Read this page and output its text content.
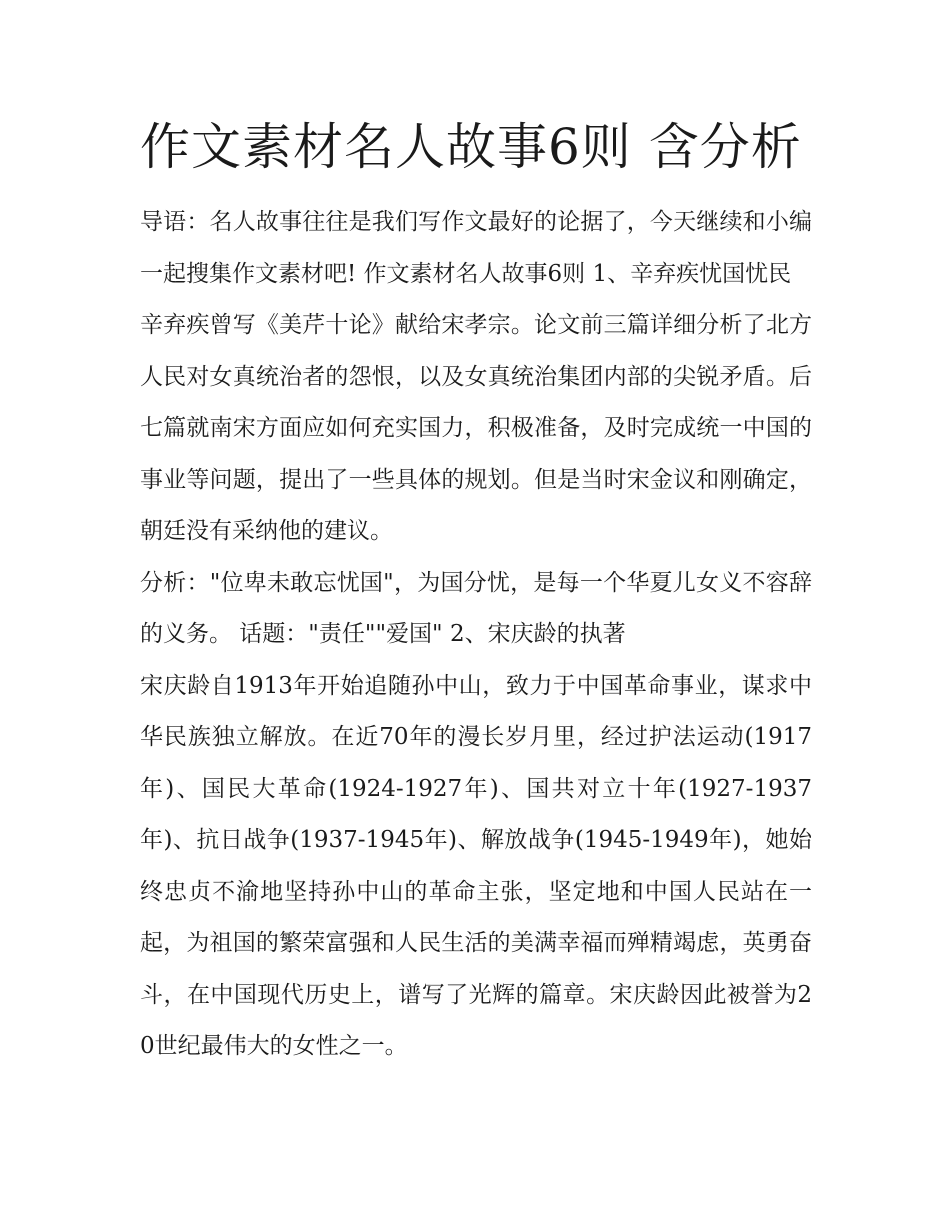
作文素材名人故事6则 含分析

导语：名人故事往往是我们写作文最好的论据了，今天继续和小编一起搜集作文素材吧! 作文素材名人故事6则 1、辛弃疾忧国忧民

辛弃疾曾写《美芹十论》献给宋孝宗。论文前三篇详细分析了北方人民对女真统治者的怨恨，以及女真统治集团内部的尖锐矛盾。后七篇就南宋方面应如何充实国力，积极准备，及时完成统一中国的事业等问题，提出了一些具体的规划。但是当时宋金议和刚确定，朝廷没有采纳他的建议。

分析："位卑未敢忘忧国"，为国分忧，是每一个华夏儿女义不容辞的义务。 话题："责任""爱国" 2、宋庆龄的执著

宋庆龄自1913年开始追随孙中山，致力于中国革命事业，谋求中华民族独立解放。在近70年的漫长岁月里，经过护法运动(1917年)、国民大革命(1924-1927年)、国共对立十年(1927-1937年)、抗日战争(1937-1945年)、解放战争(1945-1949年)，她始终忠贞不渝地坚持孙中山的革命主张，坚定地和中国人民站在一起，为祖国的繁荣富强和人民生活的美满幸福而殚精竭虑，英勇奋斗，在中国现代历史上，谱写了光辉的篇章。宋庆龄因此被誉为20世纪最伟大的女性之一。
